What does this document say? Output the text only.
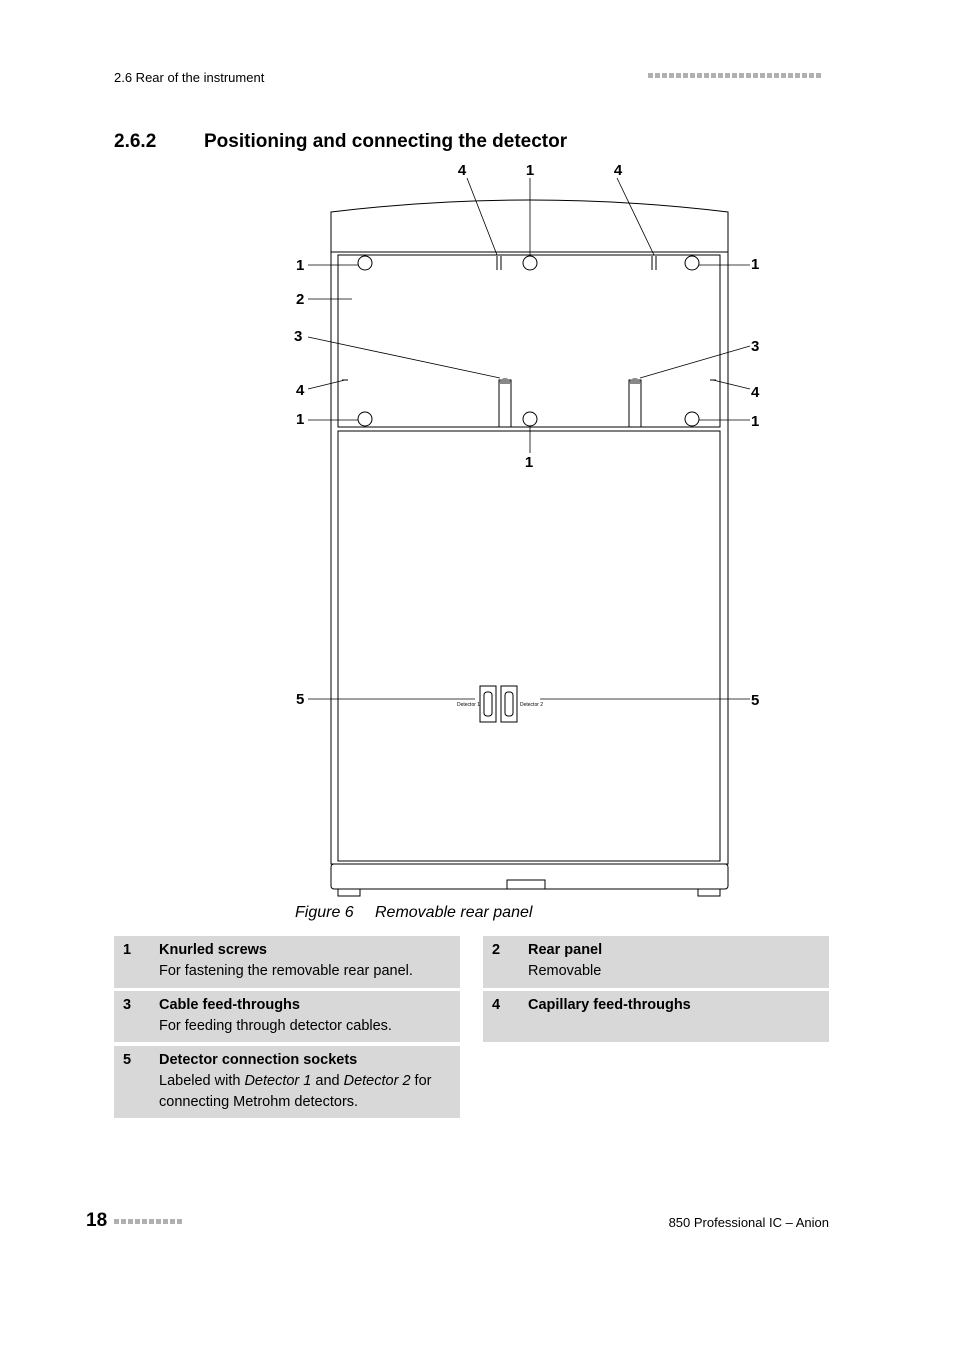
2.6 Rear of the instrument
2.6.2	Positioning and connecting the detector
4	1	4
1	1
2
3
3
4	4
1	1
1
5	5
Detector 1	Detector 2
Figure 6 Removable rear panel
1 Knurled screws
For fastening the removable rear panel.
2 Rear panel
Removable
3 Cable feed-throughs
For feeding through detector cables.
4 Capillary feed-throughs
5 Detector connection sockets
Labeled with Detector 1 and Detector 2 for connecting Metrohm detectors.
18	850 Professional IC – Anion
